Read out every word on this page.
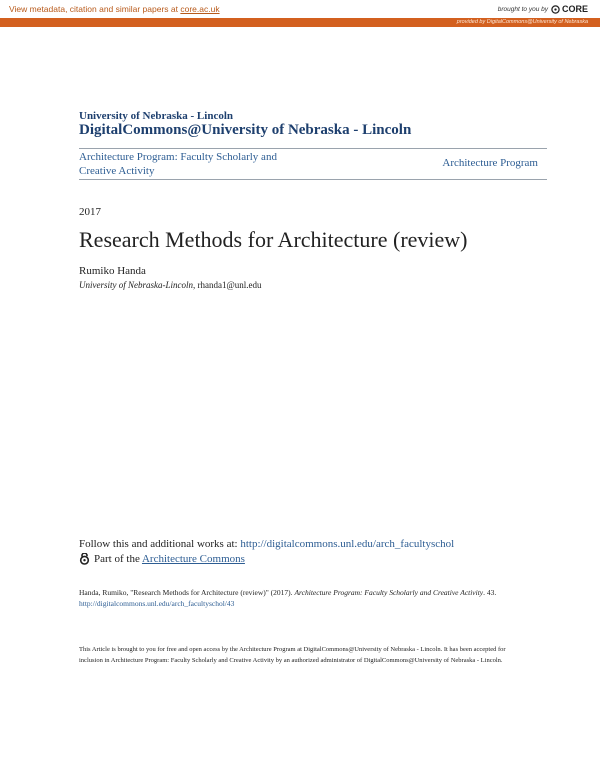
View metadata, citation and similar papers at core.ac.uk	brought to you by CORE
provided by DigitalCommons@University of Nebraska
University of Nebraska - Lincoln
DigitalCommons@University of Nebraska - Lincoln
Architecture Program: Faculty Scholarly and Creative Activity
Architecture Program
2017
Research Methods for Architecture (review)
Rumiko Handa
University of Nebraska-Lincoln, rhanda1@unl.edu
Follow this and additional works at: http://digitalcommons.unl.edu/arch_facultyschol
Part of the Architecture Commons
Handa, Rumiko, "Research Methods for Architecture (review)" (2017). Architecture Program: Faculty Scholarly and Creative Activity. 43.
http://digitalcommons.unl.edu/arch_facultyschol/43
This Article is brought to you for free and open access by the Architecture Program at DigitalCommons@University of Nebraska - Lincoln. It has been accepted for inclusion in Architecture Program: Faculty Scholarly and Creative Activity by an authorized administrator of DigitalCommons@University of Nebraska - Lincoln.
